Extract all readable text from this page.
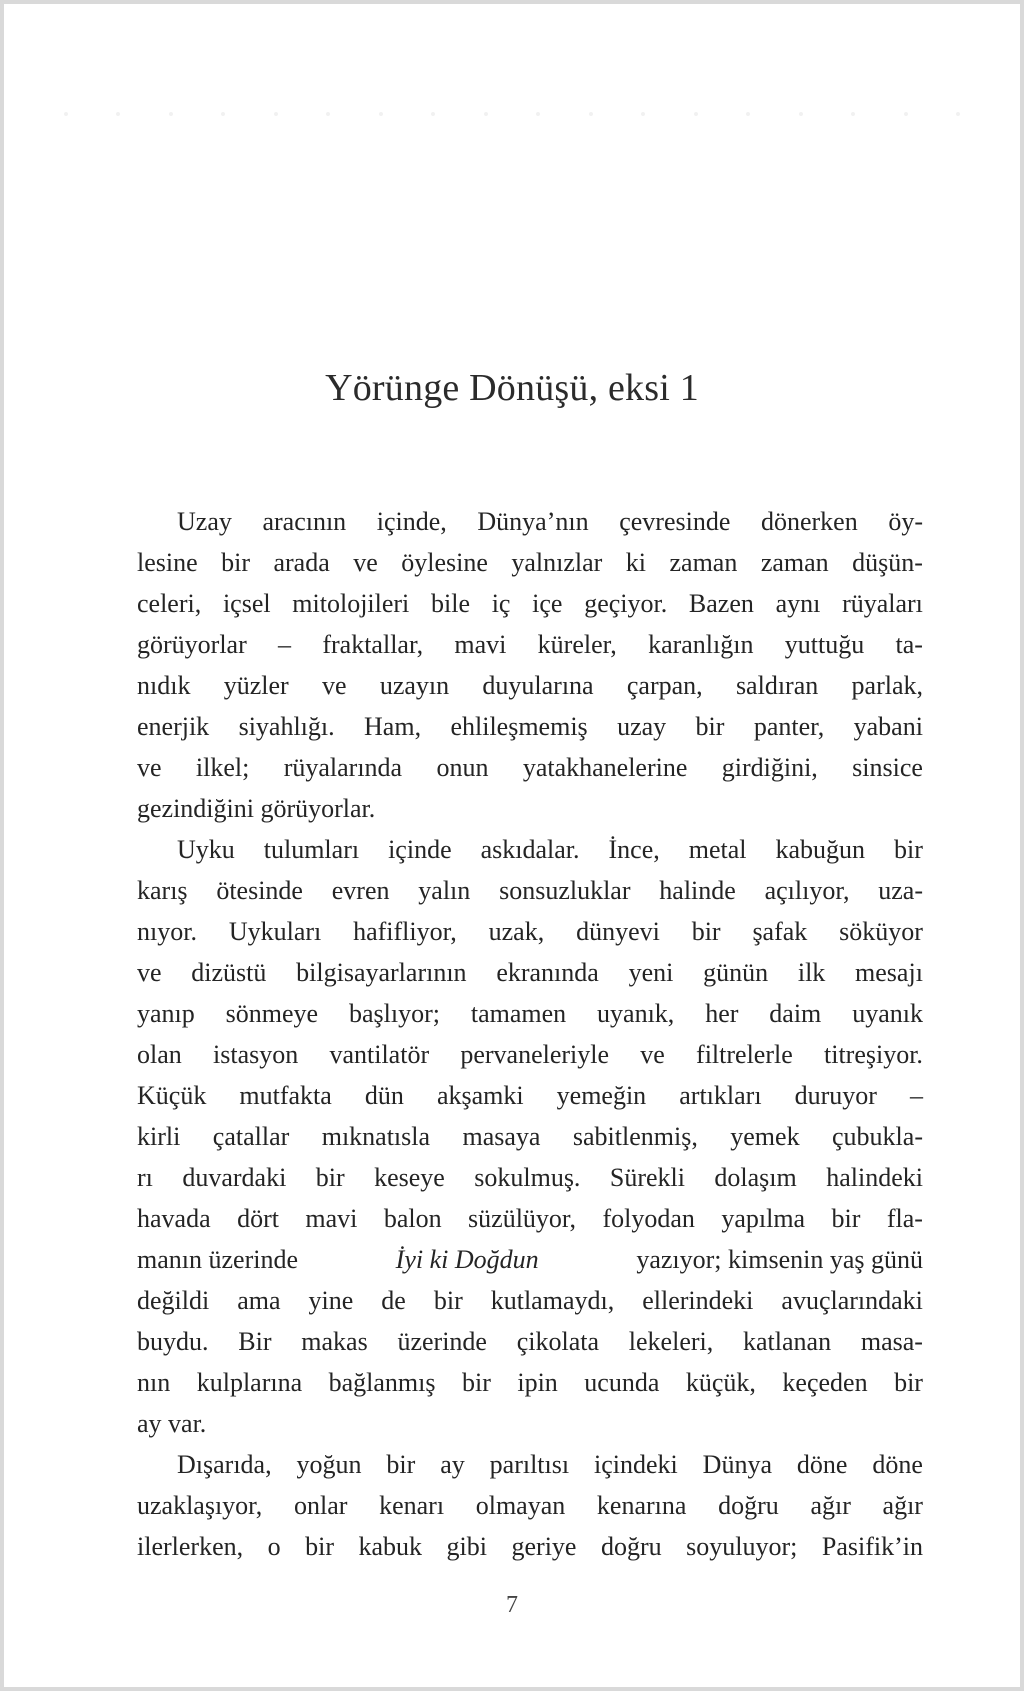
Yörünge Dönüşü, eksi 1
Uzay aracının içinde, Dünya’nın çevresinde dönerken öy-
lesine bir arada ve öylesine yalnızlar ki zaman zaman düşün-
celeri, içsel mitolojileri bile iç içe geçiyor. Bazen aynı rüyaları
görüyorlar – fraktallar, mavi küreler, karanlığın yuttuğu ta-
nıdık yüzler ve uzayın duyularına çarpan, saldıran parlak,
enerjik siyahlığı. Ham, ehlileşmemiş uzay bir panter, yabani
ve ilkel; rüyalarında onun yatakhanelerine girdiğini, sinsice
gezindiğini görüyorlar.
Uyku tulumları içinde askıdalar. İnce, metal kabuğun bir
karış ötesinde evren yalın sonsuzluklar halinde açılıyor, uza-
nıyor. Uykuları hafifliyor, uzak, dünyevi bir şafak söküyor
ve dizüstü bilgisayarlarının ekranında yeni günün ilk mesajı
yanıp sönmeye başlıyor; tamamen uyanık, her daim uyanık
olan istasyon vantilatör pervaneleriyle ve filtrelerle titreşiyor.
Küçük mutfakta dün akşamki yemeğin artıkları duruyor –
kirli çatallar mıknatısla masaya sabitlenmiş, yemek çubukla-
rı duvardaki bir keseye sokulmuş. Sürekli dolaşım halindeki
havada dört mavi balon süzülüyor, folyodan yapılma bir fla-
manın üzerinde	İyi ki Doğdun	yazıyor; kimsenin yaş günü
değildi ama yine de bir kutlamaydı, ellerindeki avuçlarındaki
buydu. Bir makas üzerinde çikolata lekeleri, katlanan masa-
nın kulplarına bağlanmış bir ipin ucunda küçük, keçeden bir
ay var.
Dışarıda, yoğun bir ay parıltısı içindeki Dünya döne döne
uzaklaşıyor, onlar kenarı olmayan kenarına doğru ağır ağır
ilerlerken, o bir kabuk gibi geriye doğru soyuluyor; Pasifik’in
7
